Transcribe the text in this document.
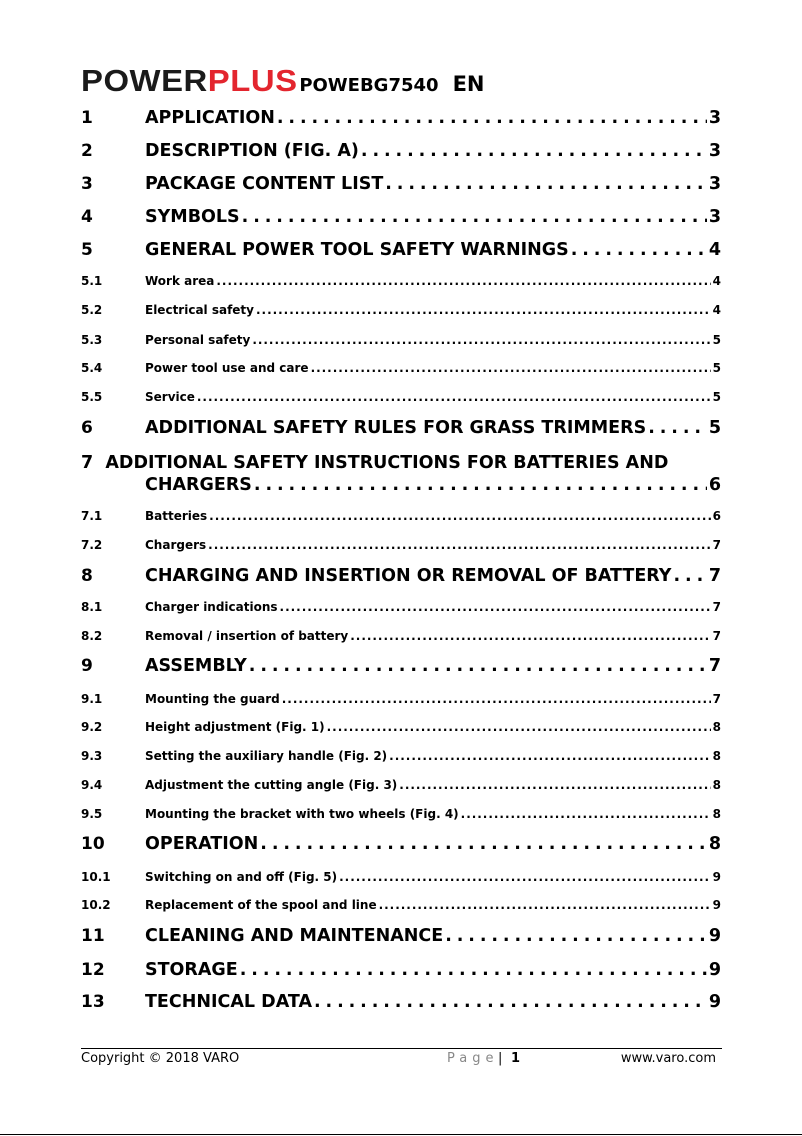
POWERPLUS POWEBG7540 EN
1	APPLICATION . . .	3
2	DESCRIPTION (FIG. A) . . .	3
3	PACKAGE CONTENT LIST . . .	3
4	SYMBOLS . . .	3
5	GENERAL POWER TOOL SAFETY WARNINGS . . .	4
5.1	Work area . . .	4
5.2	Electrical safety . . .	4
5.3	Personal safety . . .	5
5.4	Power tool use and care . . .	5
5.5	Service . . .	5
6	ADDITIONAL SAFETY RULES FOR GRASS TRIMMERS . . .	5
7 ADDITIONAL SAFETY INSTRUCTIONS FOR BATTERIES AND
CHARGERS . . .	6
7.1	Batteries . . .	6
7.2	Chargers . . .	7
8	CHARGING AND INSERTION OR REMOVAL OF BATTERY . . . 7
8.1	Charger indications . . .	7
8.2	Removal / insertion of battery . . .	7
9	ASSEMBLY . . .	7
9.1	Mounting the guard . . .	7
9.2	Height adjustment (Fig. 1) . . .	8
9.3	Setting the auxiliary handle (Fig. 2) . . .	8
9.4	Adjustment the cutting angle (Fig. 3) . . .	8
9.5	Mounting the bracket with two wheels (Fig. 4) . . .	8
10	OPERATION . . .	8
10.1	Switching on and off (Fig. 5) . . .	9
10.2	Replacement of the spool and line . . .	9
11	CLEANING AND MAINTENANCE . . .	9
12	STORAGE . . .	9
13	TECHNICAL DATA . . .	9
Copyright © 2018 VARO	Page | 1	www.varo.com
